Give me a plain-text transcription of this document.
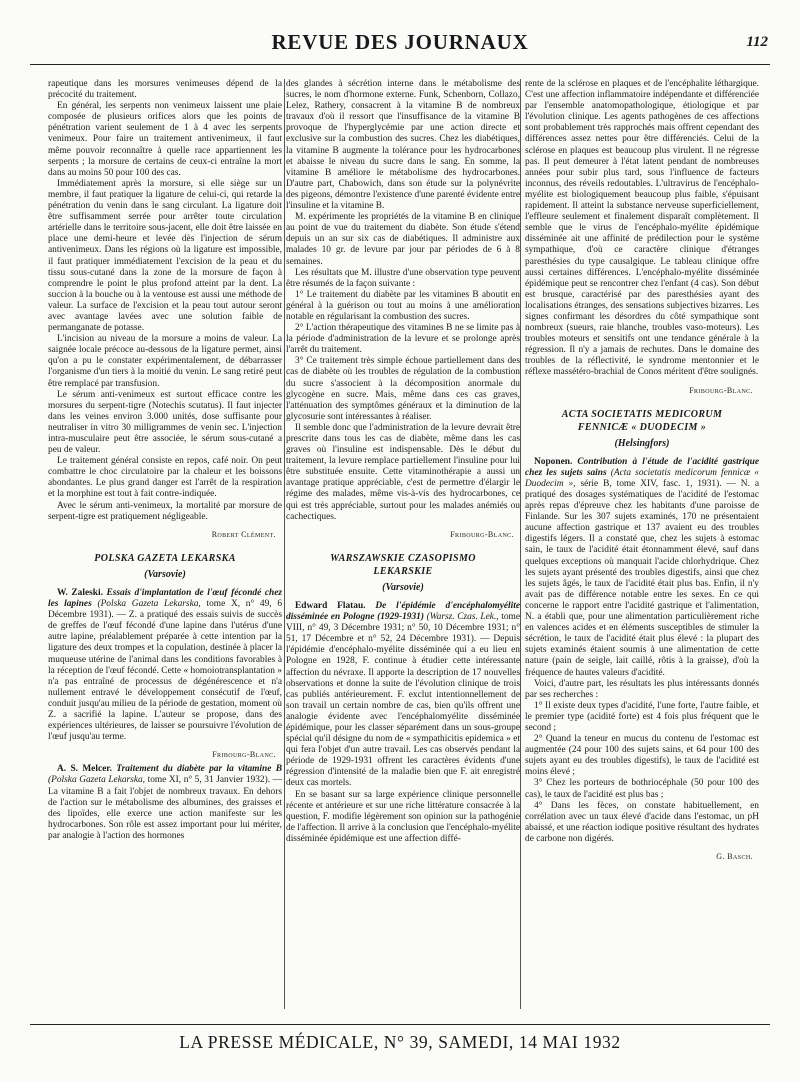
REVUE DES JOURNAUX	112

rapeutique dans les morsures venimeuses dépend de la précocité du traitement.

En général, les serpents non venimeux laissent une plaie composée de plusieurs orifices alors que les points de pénétration varient seulement de 1 à 4 avec les serpents venimeux. Pour faire un traitement antivenimeux, il faut même pouvoir reconnaître à quelle race appartiennent les serpents ; la morsure de certains de ceux-ci entraîne la mort dans au moins 50 pour 100 des cas.

Immédiatement après la morsure, si elle siège sur un membre, il faut pratiquer la ligature de celui-ci, qui retarde la pénétration du venin dans le sang circulant. La ligature doit être suffisamment serrée pour arrêter toute circulation artérielle dans le territoire sous-jacent, elle doit être laissée en place une demi-heure et levée dès l'injection de sérum antivenimeux. Dans les régions où la ligature est impossible, il faut pratiquer immédiatement l'excision de la peau et du tissu sous-cutané dans la zone de la morsure de façon à comprendre le point le plus profond atteint par la dent. La succion à la bouche ou à la ventouse est aussi une méthode de valeur. La surface de l'excision et la peau tout autour seront avec avantage lavées avec une solution faible de permanganate de potasse.

L'incision au niveau de la morsure a moins de valeur. La saignée locale précoce au-dessous de la ligature permet, ainsi qu'on a pu le constater expérimentalement, de débarrasser l'organisme d'un tiers à la moitié du venin. Le sang retiré peut être remplacé par transfusion.

Le sérum anti-venimeux est surtout efficace contre les morsures du serpent-tigre (Notechis scutatus). Il faut injecter dans les veines environ 3.000 unités, dose suffisante pour neutraliser in vitro 30 milligrammes de venin sec. L'injection intra-musculaire peut être associée, le sérum sous-cutané a peu de valeur.

Le traitement général consiste en repos, café noir. On peut combattre le choc circulatoire par la chaleur et les boissons abondantes. Le plus grand danger est l'arrêt de la respiration et la morphine est tout à fait contre-indiquée.

Avec le sérum anti-venimeux, la mortalité par morsure de serpent-tigre est pratiquement négligeable.

Robert Clément.
POLSKA GAZETA LEKARSKA
(Varsovie)

W. Zaleski. Essais d'implantation de l'œuf fécondé chez les lapines (Polska Gazeta Lekarska, tome X, n° 49, 6 Décembre 1931). — Z. a pratiqué des essais suivis de succès de greffes de l'œuf fécondé d'une lapine dans l'utérus d'une autre lapine, préalablement préparée à cette intention par la ligature des deux trompes et la copulation, destinée à placer la muqueuse utérine de l'animal dans les conditions favorables à la réception de l'œuf fécondé. Cette « homoiotransplantation » n'a pas entraîné de processus de dégénérescence et n'a nullement entravé le développement consécutif de l'œuf, conduit jusqu'au milieu de la période de gestation, moment où Z. a sacrifié la lapine. L'auteur se propose, dans des expériences ultérieures, de laisser se poursuivre l'évolution de l'œuf jusqu'au terme.

Fribourg-Blanc.

A. S. Melcer. Traitement du diabète par la vitamine B (Polska Gazeta Lekarska, tome XI, n° 5, 31 Janvier 1932). — La vitamine B a fait l'objet de nombreux travaux. En dehors de l'action sur le métabolisme des albumines, des graisses et des lipoïdes, elle exerce une action manifeste sur les hydrocarbones. Son rôle est assez important pour lui mériter, par analogie à l'action des hormones

des glandes à sécrétion interne dans le métabolisme des sucres, le nom d'hormone externe. Funk, Schenborn, Collazo, Lelez, Rathery, consacrent à la vitamine B de nombreux travaux d'où il ressort que l'insuffisance de la vitamine B provoque de l'hyperglycémie par une action directe et exclusive sur la combustion des sucres. Chez les diabétiques, la vitamine B augmente la tolérance pour les hydrocarbones et abaisse le niveau du sucre dans le sang. En somme, la vitamine B améliore le métabolisme des hydrocarbones. D'autre part, Chabowich, dans son étude sur la polynévrite des pigeons, démontre l'existence d'une parenté évidente entre l'insuline et la vitamine B.

M. expérimente les propriétés de la vitamine B en clinique au point de vue du traitement du diabète. Son étude s'étend depuis un an sur six cas de diabétiques. Il administre aux malades 10 gr. de levure par jour par périodes de 6 à 8 semaines.

Les résultats que M. illustre d'une observation type peuvent être résumés de la façon suivante :

1° Le traitement du diabète par les vitamines B aboutit en général à la guérison ou tout au moins à une amélioration notable en régularisant la combustion des sucres.

2° L'action thérapeutique des vitamines B ne se limite pas à la période d'administration de la levure et se prolonge après l'arrêt du traitement.

3° Ce traitement très simple échoue partiellement dans des cas de diabète où les troubles de régulation de la combustion du sucre s'associent à la décomposition anormale du glycogène en sucre. Mais, même dans ces cas graves, l'atténuation des symptômes généraux et la diminution de la glycosurie sont intéressantes à réaliser.

Il semble donc que l'administration de la levure devrait être prescrite dans tous les cas de diabète, même dans les cas graves où l'insuline est indispensable. Dès le début du traitement, la levure remplace partiellement l'insuline pour lui être substituée ensuite. Cette vitaminothérapie a aussi un avantage pratique appréciable, c'est de permettre d'élargir le régime des malades, même vis-à-vis des hydrocarbones, ce qui est très appréciable, surtout pour les malades anémiés ou cachectiques.

Fribourg-Blanc.
WARSZAWSKIE CZASOPISMO
LEKARSKIE
(Varsovie)

Edward Flatau. De l'épidémie d'encéphalomyélite disséminée en Pologne (1929-1931) (Warsz. Czas. Lek., tome VIII, n° 49, 3 Décembre 1931; n° 50, 10 Décembre 1931; n° 51, 17 Décembre et n° 52, 24 Décembre 1931). — Depuis l'épidémie d'encéphalo-myélite disséminée qui a eu lieu en Pologne en 1928, F. continue à étudier cette intéressante affection du névraxe. Il apporte la description de 17 nouvelles observations et donne la suite de l'évolution clinique de trois cas publiés antérieurement. F. exclut intentionnellement de son travail un certain nombre de cas, bien qu'ils offrent une analogie évidente avec l'encéphalomyélite disséminée épidémique, pour les classer séparément dans un sous-groupe spécial qu'il désigne du nom de « sympathicitis epidemica » et qui fera l'objet d'un autre travail. Les cas observés pendant la période de 1929-1931 offrent les caractères évidents d'une régression d'intensité de la maladie bien que F. ait enregistré deux cas mortels.

En se basant sur sa large expérience clinique personnelle récente et antérieure et sur une riche littérature consacrée à la question, F. modifie légèrement son opinion sur la pathogénie de l'affection. Il arrive à la conclusion que l'encéphalo-myélite disséminée épidémique est une affection diffé-

rente de la sclérose en plaques et de l'encéphalite léthargique. C'est une affection inflammatoire indépendante et différenciée par l'ensemble anatomopathologique, étiologique et par l'évolution clinique. Les agents pathogènes de ces affections sont probablement très rapprochés mais offrent cependant des différences assez nettes pour être différenciés. Celui de la sclérose en plaques est beaucoup plus virulent. Il ne régresse pas. Il peut demeurer à l'état latent pendant de nombreuses années pour subir plus tard, sous l'influence de facteurs inconnus, des réveils redoutables. L'ultravirus de l'encéphalo-myélite est biologiquement beaucoup plus faible, s'épuisant rapidement. Il atteint la substance nerveuse superficiellement, l'effleure seulement et finalement disparaît complètement. Il semble que le virus de l'encéphalo-myélite épidémique disséminée ait une affinité de prédilection pour le système sympathique, d'où ce caractère clinique d'étranges paresthésies du type causalgique. Le tableau clinique offre aussi certaines différences. L'encéphalo-myélite disséminée épidémique peut se rencontrer chez l'enfant (4 cas). Son début est brusque, caractérisé par des paresthésies ayant des localisations étranges, des sensations subjectives bizarres. Les signes confirmant les désordres du côté sympathique sont nombreux (sueurs, raie blanche, troubles vaso-moteurs). Les troubles moteurs et sensitifs ont une tendance générale à la régression. Il n'y a jamais de rechutes. Dans le domaine des troubles de la réflectivité, le syndrome mentonnier et le réflexe massétéro-brachial de Conos méritent d'être soulignés.

Fribourg-Blanc.
ACTA SOCIETATIS MEDICORUM
FENNICÆ « DUODECIM »
(Helsingfors)

Noponen. Contribution à l'étude de l'acidité gastrique chez les sujets sains (Acta societatis medicorum fennicæ « Duodecim », série B, tome XIV, fasc. 1, 1931). — N. a pratiqué des dosages systématiques de l'acidité de l'estomac après repas d'épreuve chez les habitants d'une paroisse de Finlande. Sur les 307 sujets examinés, 170 ne présentaient aucune affection gastrique et 137 avaient eu des troubles digestifs légers. Il a constaté que, chez les sujets à estomac sain, le taux de l'acidité était étonnamment élevé, sauf dans quelques exceptions où manquait l'acide chlorhydrique. Chez les sujets ayant présenté des troubles digestifs, ainsi que chez les sujets âgés, le taux de l'acidité était plus bas. Enfin, il n'y avait pas de différence notable entre les sexes. En ce qui concerne le rapport entre l'acidité gastrique et l'alimentation, N. a établi que, pour une alimentation particulièrement riche en valences acides et en éléments susceptibles de stimuler la sécrétion, le taux de l'acidité était plus élevé : la plupart des sujets examinés étaient soumis à une alimentation de cette nature (pain de seigle, lait caillé, rôtis à la graisse), d'où la fréquence de hautes valeurs d'acidité.

Voici, d'autre part, les résultats les plus intéressants donnés par ses recherches :

1° Il existe deux types d'acidité, l'une forte, l'autre faible, et le premier type (acidité forte) est 4 fois plus fréquent que le second ;

2° Quand la teneur en mucus du contenu de l'estomac est augmentée (24 pour 100 des sujets sains, et 64 pour 100 des sujets ayant eu des troubles digestifs), le taux de l'acidité est moins élevé ;

3° Chez les porteurs de bothriocéphale (50 pour 100 des cas), le taux de l'acidité est plus bas ;

4° Dans les fèces, on constate habituellement, en corrélation avec un taux élevé d'acide dans l'estomac, un pH abaissé, et une réaction iodique positive résultant des hydrates de carbone non digérés.

G. Basch.
LA PRESSE MÉDICALE, N° 39, SAMEDI, 14 MAI 1932
